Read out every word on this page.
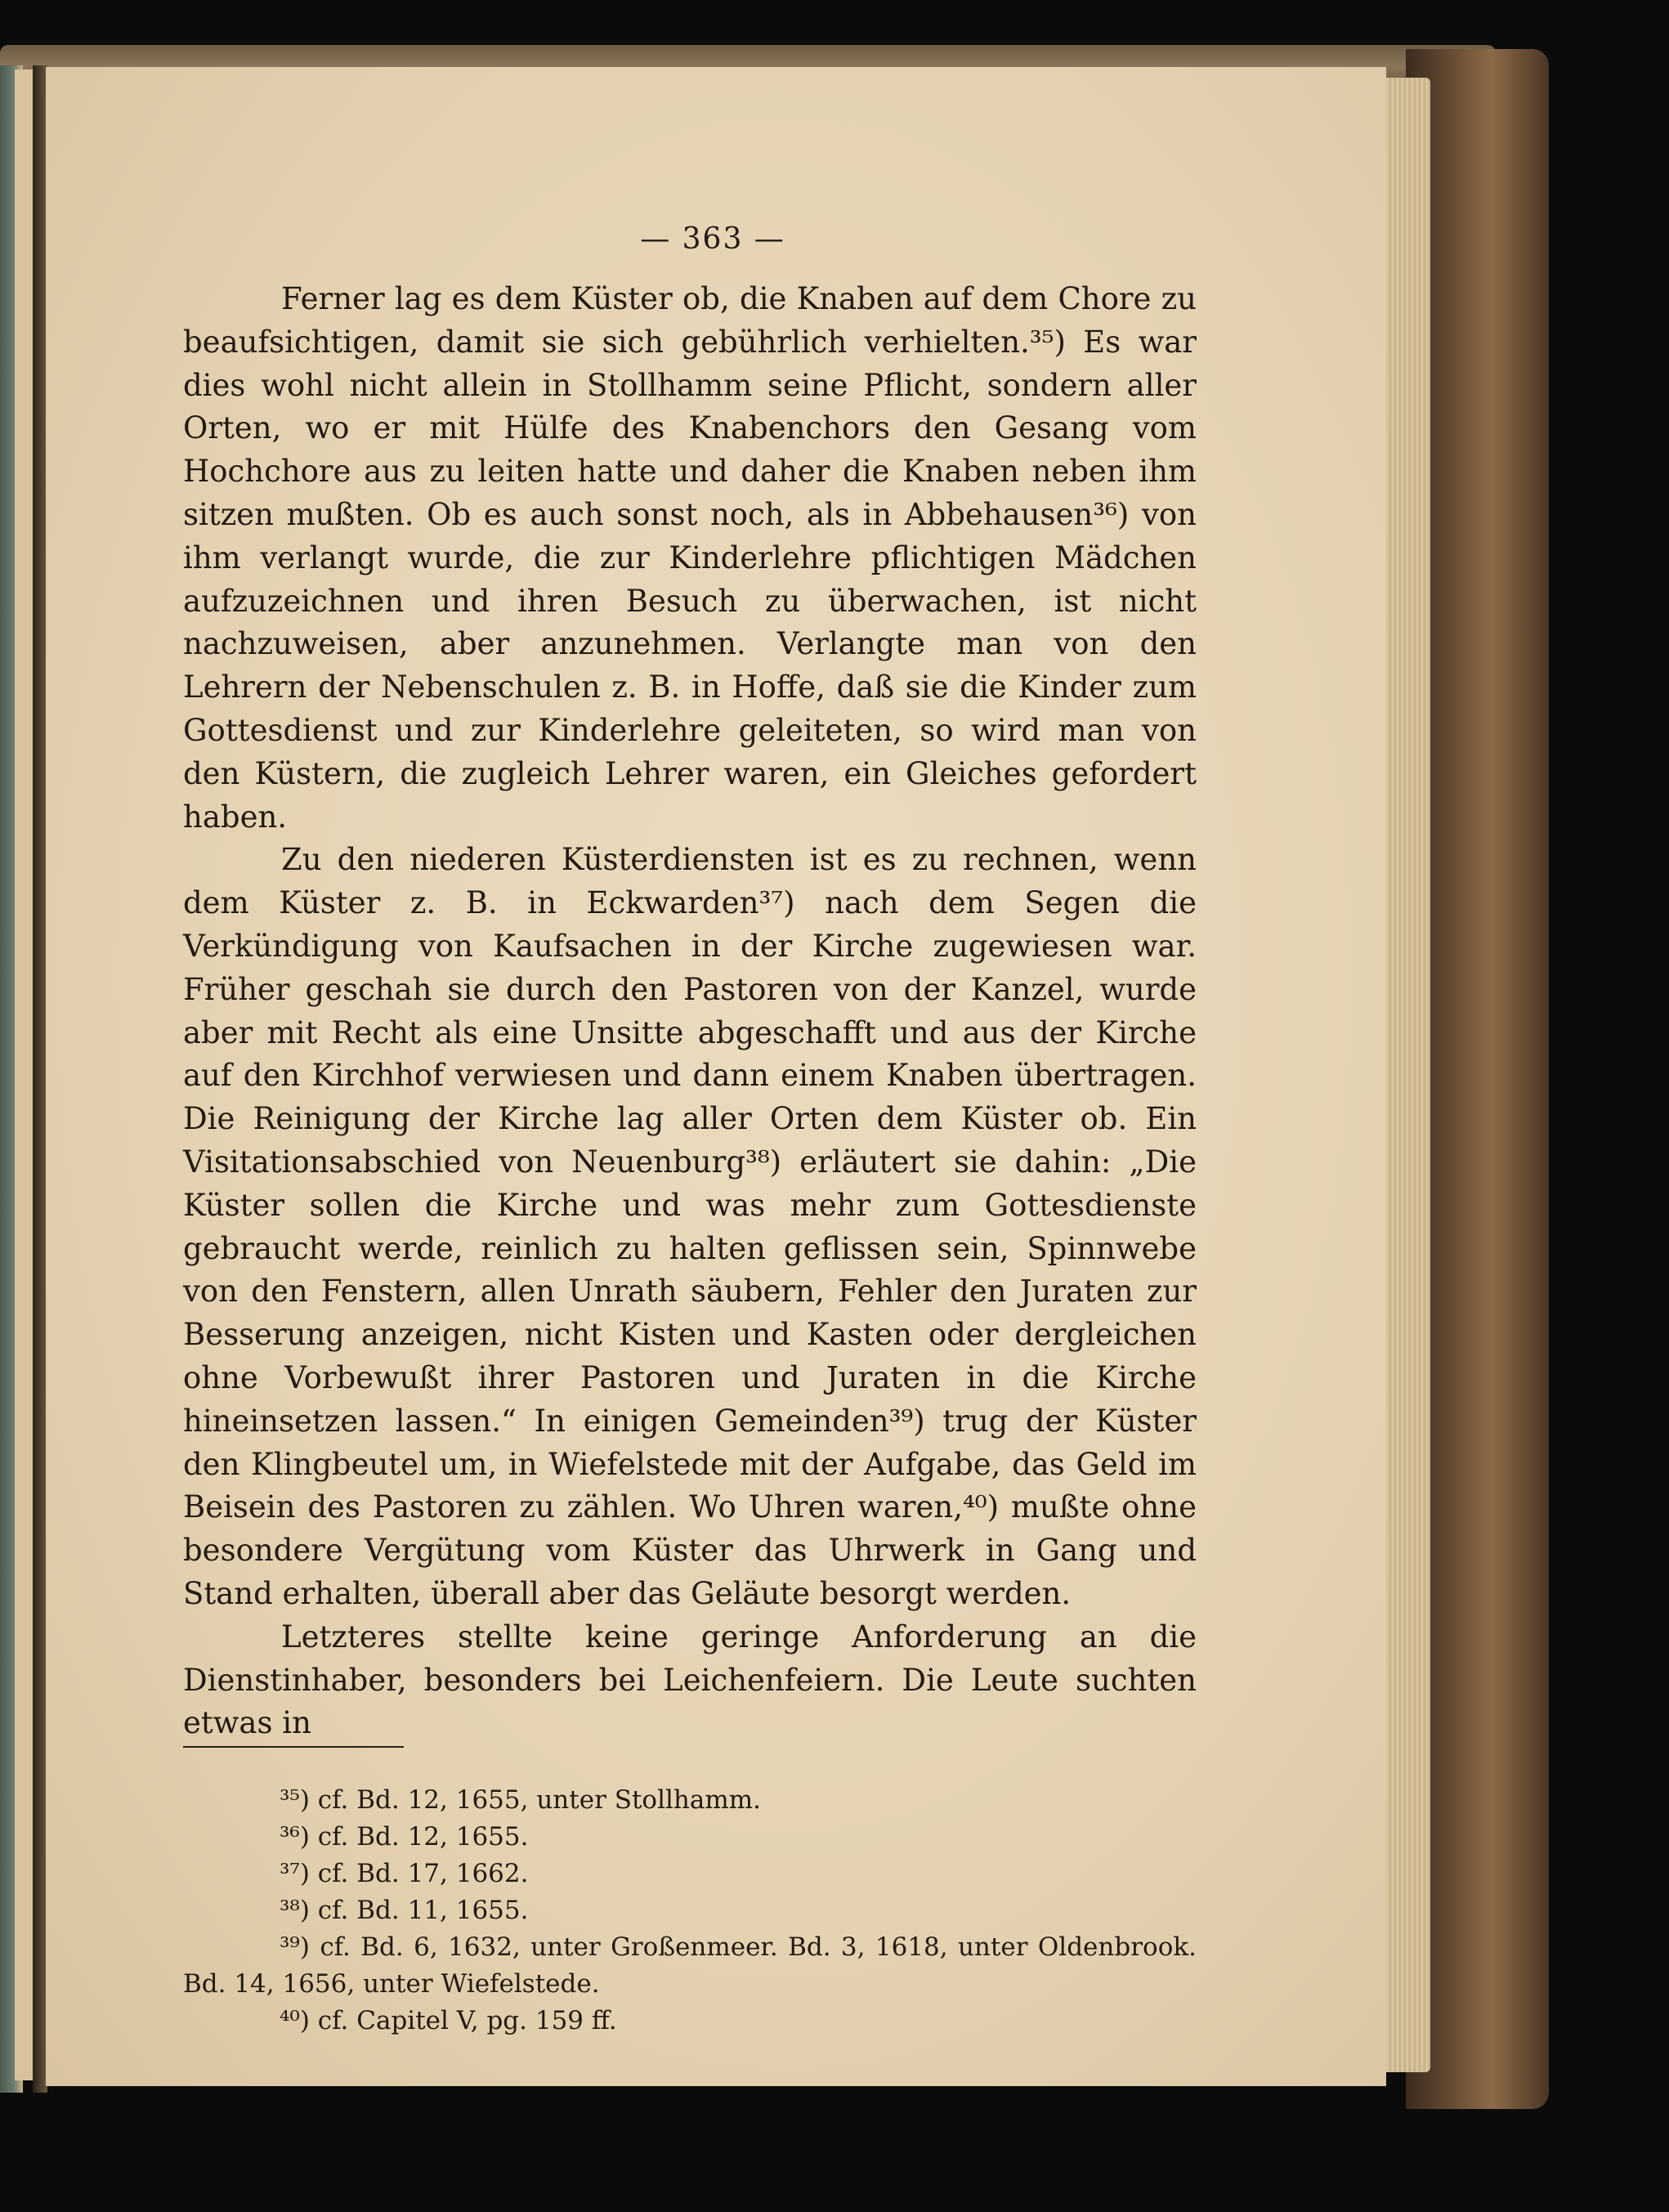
— 363 —

Ferner lag es dem Küster ob, die Knaben auf dem Chore zu beaufsichtigen, damit sie sich gebührlich verhielten.³⁵) Es war dies wohl nicht allein in Stollhamm seine Pflicht, sondern aller Orten, wo er mit Hülfe des Knabenchors den Gesang vom Hochchore aus zu leiten hatte und daher die Knaben neben ihm sitzen mußten. Ob es auch sonst noch, als in Abbehausen³⁶) von ihm verlangt wurde, die zur Kinderlehre pflichtigen Mädchen aufzuzeichnen und ihren Besuch zu überwachen, ist nicht nachzuweisen, aber anzunehmen. Verlangte man von den Lehrern der Nebenschulen z. B. in Hoffe, daß sie die Kinder zum Gottesdienst und zur Kinderlehre geleiteten, so wird man von den Küstern, die zugleich Lehrer waren, ein Gleiches gefordert haben.

Zu den niederen Küsterdiensten ist es zu rechnen, wenn dem Küster z. B. in Eckwarden³⁷) nach dem Segen die Verkündigung von Kaufsachen in der Kirche zugewiesen war. Früher geschah sie durch den Pastoren von der Kanzel, wurde aber mit Recht als eine Unsitte abgeschafft und aus der Kirche auf den Kirchhof verwiesen und dann einem Knaben übertragen. Die Reinigung der Kirche lag aller Orten dem Küster ob. Ein Visitationsabschied von Neuenburg³⁸) erläutert sie dahin: „Die Küster sollen die Kirche und was mehr zum Gottesdienste gebraucht werde, reinlich zu halten geflissen sein, Spinnwebe von den Fenstern, allen Unrath säubern, Fehler den Juraten zur Besserung anzeigen, nicht Kisten und Kasten oder dergleichen ohne Vorbewußt ihrer Pastoren und Juraten in die Kirche hineinsetzen lassen.“ In einigen Gemeinden³⁹) trug der Küster den Klingbeutel um, in Wiefelstede mit der Aufgabe, das Geld im Beisein des Pastoren zu zählen. Wo Uhren waren,⁴⁰) mußte ohne besondere Vergütung vom Küster das Uhrwerk in Gang und Stand erhalten, überall aber das Geläute besorgt werden.

Letzteres stellte keine geringe Anforderung an die Dienstinhaber, besonders bei Leichenfeiern. Die Leute suchten etwas in

³⁵) cf. Bd. 12, 1655, unter Stollhamm.

³⁶) cf. Bd. 12, 1655.

³⁷) cf. Bd. 17, 1662.

³⁸) cf. Bd. 11, 1655.

³⁹) cf. Bd. 6, 1632, unter Großenmeer. Bd. 3, 1618, unter Oldenbrook. Bd. 14, 1656, unter Wiefelstede.

⁴⁰) cf. Capitel V, pg. 159 ff.
